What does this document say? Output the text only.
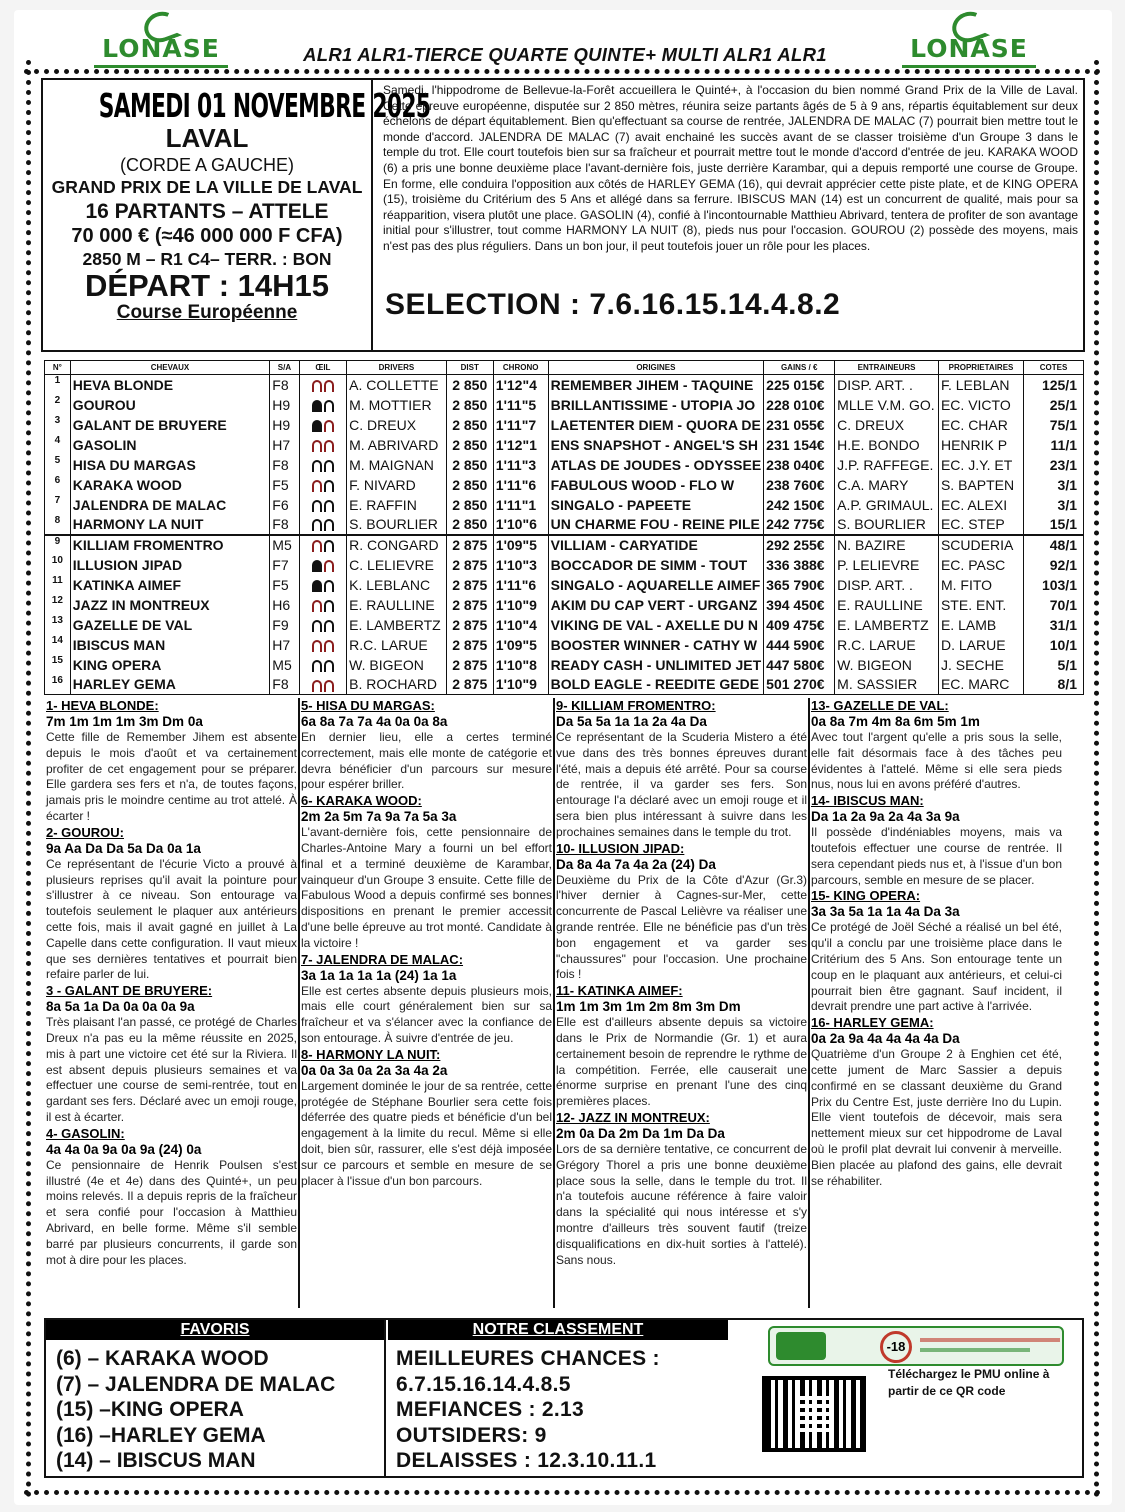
LONASE	LONASE
ALR1 ALR1-TIERCE QUARTE QUINTE+ MULTI ALR1 ALR1
SAMEDI 01 NOVEMBRE 2025
LAVAL
(CORDE A GAUCHE)
GRAND PRIX DE LA VILLE DE LAVAL
16 PARTANTS – ATTELE
70 000 € (≈46 000 000 F CFA)
2850 M – R1 C4– TERR. : BON
DÉPART : 14H15
Course Européenne
Samedi, l'hippodrome de Bellevue-la-Forêt accueillera le Quinté+, à l'occasion du bien nommé Grand Prix de la Ville de Laval. Cette épreuve européenne, disputée sur 2 850 mètres, réunira seize partants âgés de 5 à 9 ans, répartis équitablement sur deux échelons de départ équitablement. Bien qu'effectuant sa course de rentrée, JALENDRA DE MALAC (7) pourrait bien mettre tout le monde d'accord. JALENDRA DE MALAC (7) avait enchainé les succès avant de se classer troisième d'un Groupe 3 dans le temple du trot. Elle court toutefois bien sur sa fraîcheur et pourrait mettre tout le monde d'accord d'entrée de jeu. KARAKA WOOD (6) a pris une bonne deuxième place l'avant-dernière fois, juste derrière Karambar, qui a depuis remporté une course de Groupe. En forme, elle conduira l'opposition aux côtés de HARLEY GEMA (16), qui devrait apprécier cette piste plate, et de KING OPERA (15), troisième du Critérium des 5 Ans et allégé dans sa ferrure. IBISCUS MAN (14) est un concurrent de qualité, mais pour sa réapparition, visera plutôt une place. GASOLIN (4), confié à l'incontournable Matthieu Abrivard, tentera de profiter de son avantage initial pour s'illustrer, tout comme HARMONY LA NUIT (8), pieds nus pour l'occasion. GOUROU (2) possède des moyens, mais n'est pas des plus réguliers. Dans un bon jour, il peut toutefois jouer un rôle pour les places.
SELECTION : 7.6.16.15.14.4.8.2
N°	CHEVAUX	S/A	ŒIL	DRIVERS	DIST	CHRONO	ORIGINES	GAINS / €	ENTRAINEURS	PROPRIETAIRES	COTES
1	HEVA BLONDE	F8		A. COLLETTE	2 850	1'12"4	REMEMBER JIHEM - TAQUINE	225 015€	DISP. ART. .	F. LEBLAN	125/1
2	GOUROU	H9		M. MOTTIER	2 850	1'11"5	BRILLANTISSIME - UTOPIA JO	228 010€	MLLE V.M. GO.	EC. VICTO	25/1
3	GALANT DE BRUYERE	H9		C. DREUX	2 850	1'11"7	LAETENTER DIEM - QUORA DE	231 055€	C. DREUX	EC. CHAR	75/1
4	GASOLIN	H7		M. ABRIVARD	2 850	1'12"1	ENS SNAPSHOT - ANGEL'S SH	231 154€	H.E. BONDO	HENRIK P	11/1
5	HISA DU MARGAS	F8		M. MAIGNAN	2 850	1'11"3	ATLAS DE JOUDES - ODYSSEE	238 040€	J.P. RAFFEGE.	EC. J.Y. ET	23/1
6	KARAKA WOOD	F5		F. NIVARD	2 850	1'11"6	FABULOUS WOOD - FLO W	238 760€	C.A. MARY	S. BAPTEN	3/1
7	JALENDRA DE MALAC	F6		E. RAFFIN	2 850	1'11"1	SINGALO - PAPEETE	242 150€	A.P. GRIMAUL.	EC. ALEXI	3/1
8	HARMONY LA NUIT	F8		S. BOURLIER	2 850	1'10"6	UN CHARME FOU - REINE PILE	242 775€	S. BOURLIER	EC. STEP	15/1
9	KILLIAM FROMENTRO	M5		R. CONGARD	2 875	1'09"5	VILLIAM - CARYATIDE	292 255€	N. BAZIRE	SCUDERIA	48/1
10	ILLUSION JIPAD	F7		C. LELIEVRE	2 875	1'10"3	BOCCADOR DE SIMM - TOUT	336 388€	P. LELIEVRE	EC. PASC	92/1
11	KATINKA AIMEF	F5		K. LEBLANC	2 875	1'11"6	SINGALO - AQUARELLE AIMEF	365 790€	DISP. ART. .	M. FITO	103/1
12	JAZZ IN MONTREUX	H6		E. RAULLINE	2 875	1'10"9	AKIM DU CAP VERT - URGANZ	394 450€	E. RAULLINE	STE. ENT.	70/1
13	GAZELLE DE VAL	F9		E. LAMBERTZ	2 875	1'10"4	VIKING DE VAL - AXELLE DU N	409 475€	E. LAMBERTZ	E. LAMB	31/1
14	IBISCUS MAN	H7		R.C. LARUE	2 875	1'09"5	BOOSTER WINNER - CATHY W	444 590€	R.C. LARUE	D. LARUE	10/1
15	KING OPERA	M5		W. BIGEON	2 875	1'10"8	READY CASH - UNLIMITED JET	447 580€	W. BIGEON	J. SECHE	5/1
16	HARLEY GEMA	F8		B. ROCHARD	2 875	1'10"9	BOLD EAGLE - REEDITE GEDE	501 270€	M. SASSIER	EC. MARC	8/1
1- HEVA BLONDE:
7m 1m 1m 1m 3m Dm 0a
Cette fille de Remember Jihem est absente depuis le mois d'août et va certainement profiter de cet engagement pour se préparer. Elle gardera ses fers et n'a, de toutes façons, jamais pris le moindre centime au trot attelé. À écarter !
2- GOUROU:
9a Aa Da Da 5a Da 0a 1a
Ce représentant de l'écurie Victo a prouvé à plusieurs reprises qu'il avait la pointure pour s'illustrer à ce niveau. Son entourage va toutefois seulement le plaquer aux antérieurs cette fois, mais il avait gagné en juillet à La Capelle dans cette configuration. Il vaut mieux que ses dernières tentatives et pourrait bien refaire parler de lui.
3 - GALANT DE BRUYERE:
8a 5a 1a Da 0a 0a 0a 9a
Très plaisant l'an passé, ce protégé de Charles Dreux n'a pas eu la même réussite en 2025, mis à part une victoire cet été sur la Riviera. Il est absent depuis plusieurs semaines et va effectuer une course de semi-rentrée, tout en gardant ses fers. Déclaré avec un emoji rouge, il est à écarter.
4- GASOLIN:
4a 4a 0a 9a 0a 9a (24) 0a
Ce pensionnaire de Henrik Poulsen s'est illustré (4e et 4e) dans des Quinté+, un peu moins relevés. Il a depuis repris de la fraîcheur et sera confié pour l'occasion à Matthieu Abrivard, en belle forme. Même s'il semble barré par plusieurs concurrents, il garde son mot à dire pour les places.
5- HISA DU MARGAS:
6a 8a 7a 7a 4a 0a 0a 8a
En dernier lieu, elle a certes terminé correctement, mais elle monte de catégorie et devra bénéficier d'un parcours sur mesure pour espérer briller.
6- KARAKA WOOD:
2m 2a 5m 7a 9a 7a 5a 3a
L'avant-dernière fois, cette pensionnaire de Charles-Antoine Mary a fourni un bel effort final et a terminé deuxième de Karambar, vainqueur d'un Groupe 3 ensuite. Cette fille de Fabulous Wood a depuis confirmé ses bonnes dispositions en prenant le premier accessit d'une belle épreuve au trot monté. Candidate à la victoire !
7- JALENDRA DE MALAC:
3a 1a 1a 1a 1a (24) 1a 1a
Elle est certes absente depuis plusieurs mois, mais elle court généralement bien sur sa fraîcheur et va s'élancer avec la confiance de son entourage. À suivre d'entrée de jeu.
8- HARMONY LA NUIT:
0a 0a 3a 0a 2a 3a 4a 2a
Largement dominée le jour de sa rentrée, cette protégée de Stéphane Bourlier sera cette fois déferrée des quatre pieds et bénéficie d'un bel engagement à la limite du recul. Même si elle doit, bien sûr, rassurer, elle s'est déjà imposée sur ce parcours et semble en mesure de se placer à l'issue d'un bon parcours.
9- KILLIAM FROMENTRO:
Da 5a 5a 1a 1a 2a 4a Da
Ce représentant de la Scuderia Mistero a été vue dans des très bonnes épreuves durant l'été, mais a depuis été arrêté. Pour sa course de rentrée, il va garder ses fers. Son entourage l'a déclaré avec un emoji rouge et il sera bien plus intéressant à suivre dans les prochaines semaines dans le temple du trot.
10- ILLUSION JIPAD:
Da 8a 4a 7a 4a 2a (24) Da
Deuxième du Prix de la Côte d'Azur (Gr.3) l'hiver dernier à Cagnes-sur-Mer, cette concurrente de Pascal Lelièvre va réaliser une grande rentrée. Elle ne bénéficie pas d'un très bon engagement et va garder ses "chaussures" pour l'occasion. Une prochaine fois !
11- KATINKA AIMEF:
1m 1m 3m 1m 2m 8m 3m Dm
Elle est d'ailleurs absente depuis sa victoire dans le Prix de Normandie (Gr. 1) et aura certainement besoin de reprendre le rythme de la compétition. Ferrée, elle causerait une énorme surprise en prenant l'une des cinq premières places.
12- JAZZ IN MONTREUX:
2m 0a Da 2m Da 1m Da Da
Lors de sa dernière tentative, ce concurrent de Grégory Thorel a pris une bonne deuxième place sous la selle, dans le temple du trot. Il n'a toutefois aucune référence à faire valoir dans la spécialité qui nous intéresse et s'y montre d'ailleurs très souvent fautif (treize disqualifications en dix-huit sorties à l'attelé). Sans nous.
13- GAZELLE DE VAL:
0a 8a 7m 4m 8a 6m 5m 1m
Avec tout l'argent qu'elle a pris sous la selle, elle fait désormais face à des tâches peu évidentes à l'attelé. Même si elle sera pieds nus, nous lui en avons préféré d'autres.
14- IBISCUS MAN:
Da 1a 2a 9a 2a 4a 3a 9a
Il possède d'indéniables moyens, mais va toutefois effectuer une course de rentrée. Il sera cependant pieds nus et, à l'issue d'un bon parcours, semble en mesure de se placer.
15- KING OPERA:
3a 3a 5a 1a 1a 4a Da 3a
Ce protégé de Joël Séché a réalisé un bel été, qu'il a conclu par une troisième place dans le Critérium des 5 Ans. Son entourage tente un coup en le plaquant aux antérieurs, et celui-ci pourrait bien être gagnant. Sauf incident, il devrait prendre une part active à l'arrivée.
16- HARLEY GEMA:
0a 2a 9a 4a 4a 4a 4a Da
Quatrième d'un Groupe 2 à Enghien cet été, cette jument de Marc Sassier a depuis confirmé en se classant deuxième du Grand Prix du Centre Est, juste derrière Ino du Lupin. Elle vient toutefois de décevoir, mais sera nettement mieux sur cet hippodrome de Laval où le profil plat devrait lui convenir à merveille. Bien placée au plafond des gains, elle devrait se réhabiliter.
FAVORIS
(6) – KARAKA WOOD
(7) – JALENDRA DE MALAC
(15) –KING OPERA
(16) –HARLEY GEMA
(14) – IBISCUS MAN
NOTRE CLASSEMENT
MEILLEURES CHANCES :
6.7.15.16.14.4.8.5
MEFIANCES : 2.13
OUTSIDERS: 9
DELAISSES : 12.3.10.11.1
-18
Téléchargez le PMU online à partir de ce QR code
